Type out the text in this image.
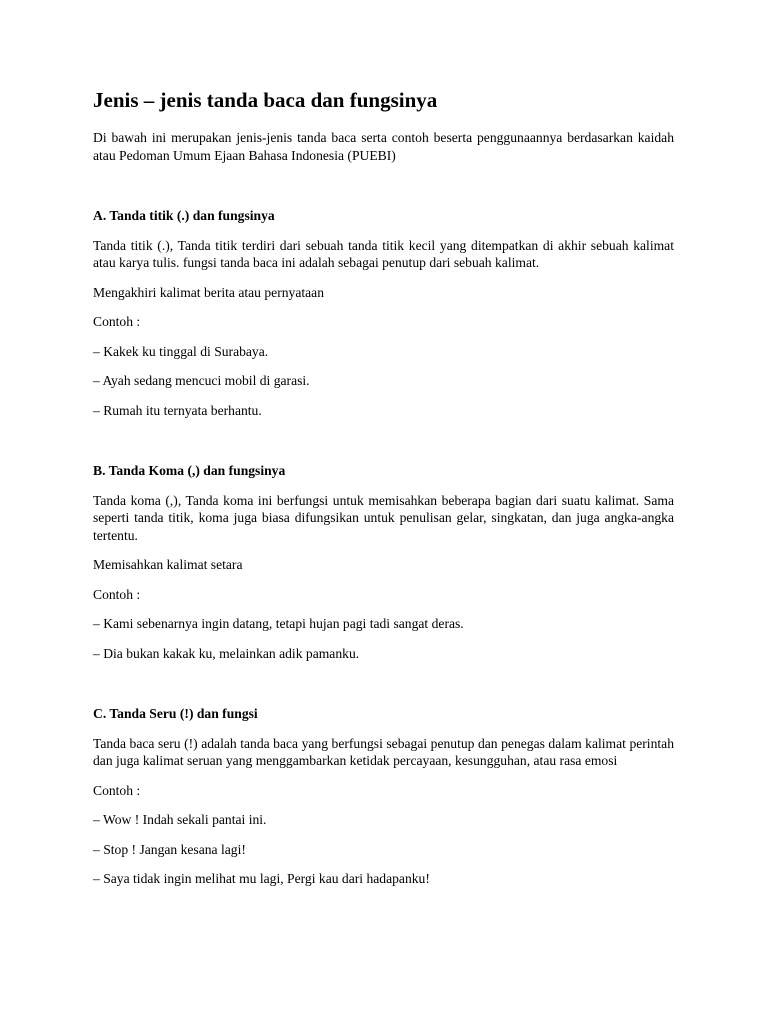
Jenis – jenis tanda baca dan fungsinya

Di bawah ini merupakan jenis-jenis tanda baca serta contoh beserta penggunaannya berdasarkan kaidah atau Pedoman Umum Ejaan Bahasa Indonesia (PUEBI)

A. Tanda titik (.) dan fungsinya

Tanda titik (.), Tanda titik terdiri dari sebuah tanda titik kecil yang ditempatkan di akhir sebuah kalimat atau karya tulis. fungsi tanda baca ini adalah sebagai penutup dari sebuah kalimat.

Mengakhiri kalimat berita atau pernyataan

Contoh :

– Kakek ku tinggal di Surabaya.

– Ayah sedang mencuci mobil di garasi.

– Rumah itu ternyata berhantu.

B. Tanda Koma (,) dan fungsinya

Tanda koma (,), Tanda koma ini berfungsi untuk memisahkan beberapa bagian dari suatu kalimat. Sama seperti tanda titik, koma juga biasa difungsikan untuk penulisan gelar, singkatan, dan juga angka-angka tertentu.

Memisahkan kalimat setara

Contoh :

– Kami sebenarnya ingin datang, tetapi hujan pagi tadi sangat deras.

– Dia bukan kakak ku, melainkan adik pamanku.

C. Tanda Seru (!) dan fungsi

Tanda baca seru (!) adalah tanda baca yang berfungsi sebagai penutup dan penegas dalam kalimat perintah dan juga kalimat seruan yang menggambarkan ketidak percayaan, kesungguhan, atau rasa emosi

Contoh :

– Wow ! Indah sekali pantai ini.

– Stop ! Jangan kesana lagi!

– Saya tidak ingin melihat mu lagi, Pergi kau dari hadapanku!
